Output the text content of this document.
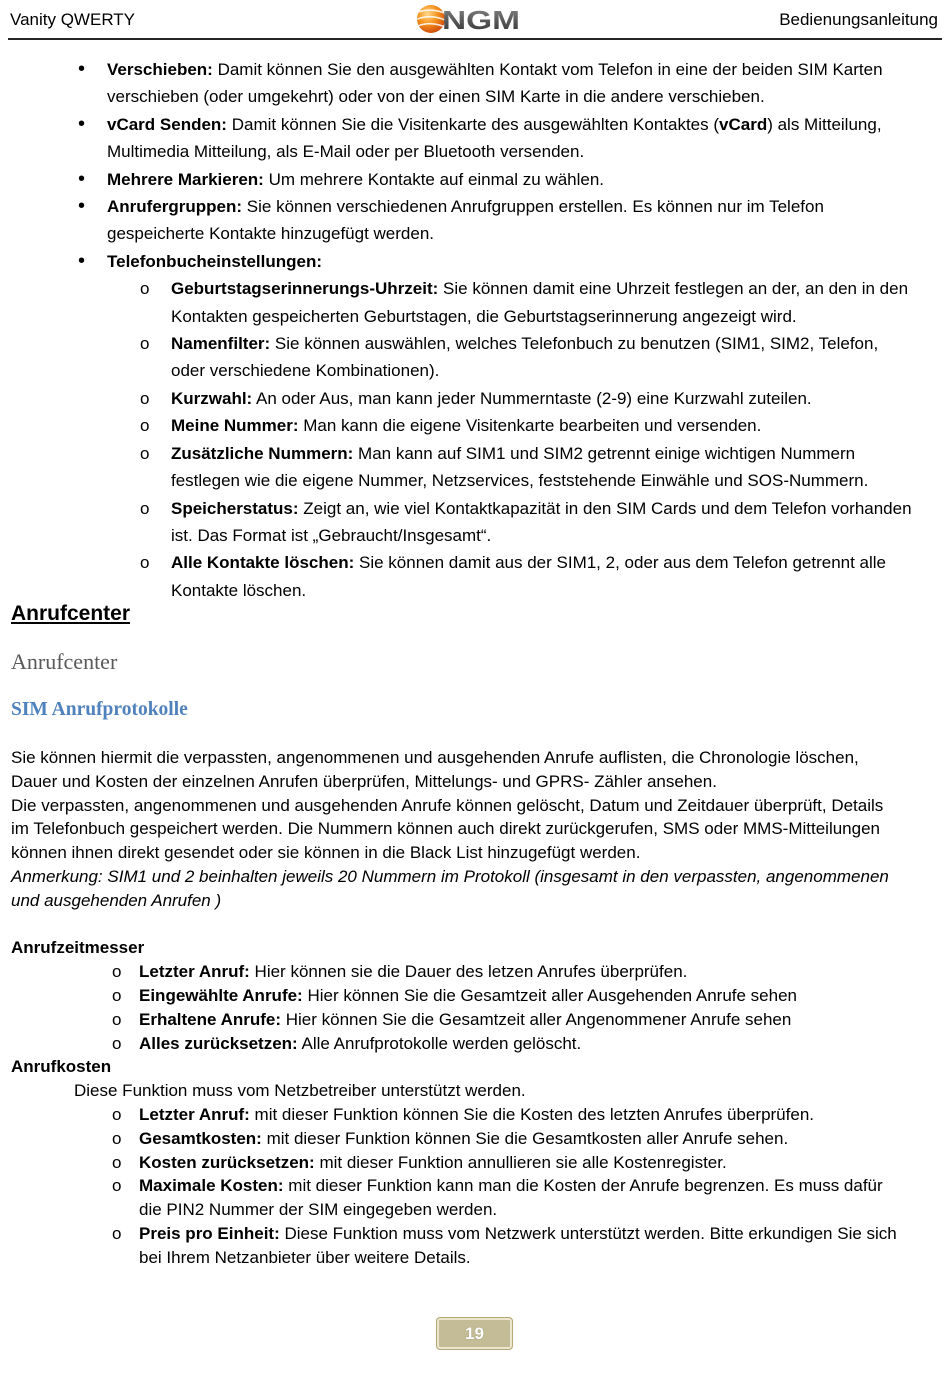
Vanity QWERTY	NGM	Bedienungsanleitung
• Verschieben: Damit können Sie den ausgewählten Kontakt vom Telefon in eine der beiden SIM Karten
verschieben (oder umgekehrt) oder von der einen SIM Karte in die andere verschieben.
• vCard Senden: Damit können Sie die Visitenkarte des ausgewählten Kontaktes (vCard) als Mitteilung,
Multimedia Mitteilung, als E-Mail oder per Bluetooth versenden.
• Mehrere Markieren: Um mehrere Kontakte auf einmal zu wählen.
• Anrufergruppen: Sie können verschiedenen Anrufgruppen erstellen. Es können nur im Telefon
gespeicherte Kontakte hinzugefügt werden.
• Telefonbucheinstellungen:
o Geburtstagserinnerungs-Uhrzeit: Sie können damit eine Uhrzeit festlegen an der, an den in den
Kontakten gespeicherten Geburtstagen, die Geburtstagserinnerung angezeigt wird.
o Namenfilter: Sie können auswählen, welches Telefonbuch zu benutzen (SIM1, SIM2, Telefon,
oder verschiedene Kombinationen).
o Kurzwahl: An oder Aus, man kann jeder Nummerntaste (2-9) eine Kurzwahl zuteilen.
o Meine Nummer: Man kann die eigene Visitenkarte bearbeiten und versenden.
o Zusätzliche Nummern: Man kann auf SIM1 und SIM2 getrennt einige wichtigen Nummern
festlegen wie die eigene Nummer, Netzservices, feststehende Einwähle und SOS-Nummern.
o Speicherstatus: Zeigt an, wie viel Kontaktkapazität in den SIM Cards und dem Telefon vorhanden
ist. Das Format ist „Gebraucht/Insgesamt“.
o Alle Kontakte löschen: Sie können damit aus der SIM1, 2, oder aus dem Telefon getrennt alle
Kontakte löschen.
Anrufcenter
Anrufcenter
SIM Anrufprotokolle

Sie können hiermit die verpassten, angenommenen und ausgehenden Anrufe auflisten, die Chronologie löschen,
Dauer und Kosten der einzelnen Anrufen überprüfen, Mittelungs- und GPRS- Zähler ansehen.

Die verpassten, angenommenen und ausgehenden Anrufe können gelöscht, Datum und Zeitdauer überprüft, Details
im Telefonbuch gespeichert werden. Die Nummern können auch direkt zurückgerufen, SMS oder MMS-Mitteilungen
können ihnen direkt gesendet oder sie können in die Black List hinzugefügt werden.

Anmerkung: SIM1 und 2 beinhalten jeweils 20 Nummern im Protokoll (insgesamt in den verpassten, angenommenen
und ausgehenden Anrufen )

Anrufzeitmesser
o Letzter Anruf: Hier können sie die Dauer des letzen Anrufes überprüfen.
o Eingewählte Anrufe: Hier können Sie die Gesamtzeit aller Ausgehenden Anrufe sehen
o Erhaltene Anrufe: Hier können Sie die Gesamtzeit aller Angenommener Anrufe sehen
o Alles zurücksetzen: Alle Anrufprotokolle werden gelöscht.
Anrufkosten

Diese Funktion muss vom Netzbetreiber unterstützt werden.

o Letzter Anruf: mit dieser Funktion können Sie die Kosten des letzten Anrufes überprüfen.
o Gesamtkosten: mit dieser Funktion können Sie die Gesamtkosten aller Anrufe sehen.
o Kosten zurücksetzen: mit dieser Funktion annullieren sie alle Kostenregister.
o Maximale Kosten: mit dieser Funktion kann man die Kosten der Anrufe begrenzen. Es muss dafür
die PIN2 Nummer der SIM eingegeben werden.
o Preis pro Einheit: Diese Funktion muss vom Netzwerk unterstützt werden. Bitte erkundigen Sie sich
bei Ihrem Netzanbieter über weitere Details.
19
